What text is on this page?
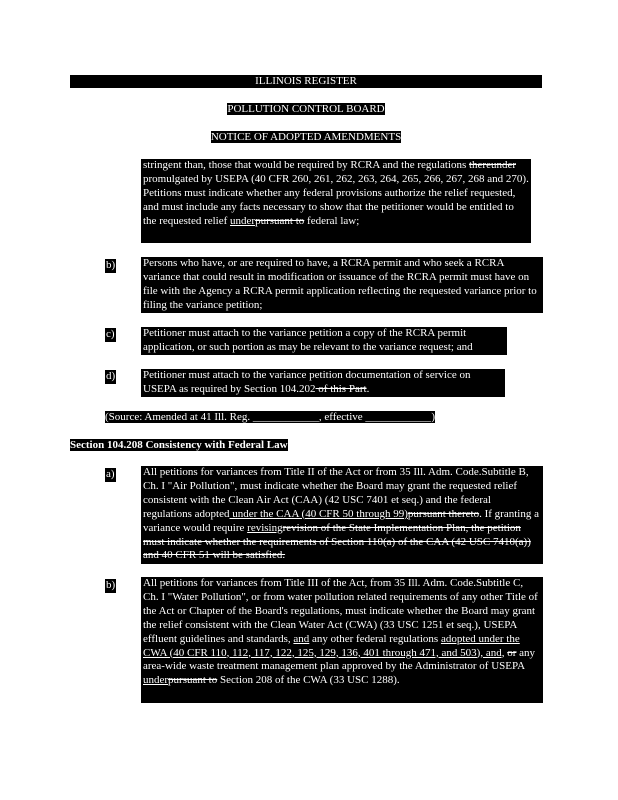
ILLINOIS REGISTER
POLLUTION CONTROL BOARD
NOTICE OF ADOPTED AMENDMENTS
stringent than, those that would be required by RCRA and the regulations thereunder promulgated by USEPA (40 CFR 260, 261, 262, 263, 264, 265, 266, 267, 268 and 270). Petitions must indicate whether any federal provisions authorize the relief requested, and must include any facts necessary to show that the petitioner would be entitled to the requested relief underpursuant to federal law;
b)	Persons who have, or are required to have, a RCRA permit and who seek a RCRA variance that could result in modification or issuance of the RCRA permit must have on file with the Agency a RCRA permit application reflecting the requested variance prior to filing the variance petition;
c)	Petitioner must attach to the variance petition a copy of the RCRA permit application, or such portion as may be relevant to the variance request; and
d)	Petitioner must attach to the variance petition documentation of service on USEPA as required by Section 104.202 of this Part.
(Source: Amended at 41 Ill. Reg. ____________, effective ____________)
Section 104.208 Consistency with Federal Law
a)	All petitions for variances from Title II of the Act or from 35 Ill. Adm. Code.Subtitle B, Ch. I "Air Pollution", must indicate whether the Board may grant the requested relief consistent with the Clean Air Act (CAA) (42 USC 7401 et seq.) and the federal regulations adopted under the CAA (40 CFR 50 through 99)pursuant thereto. If granting a variance would require revisingrevision of the State Implementation Plan, the petition must indicate whether the requirements of Section 110(a) of the CAA (42 USC 7410(a)) and 40 CFR 51 will be satisfied.
b)	All petitions for variances from Title III of the Act, from 35 Ill. Adm. Code.Subtitle C, Ch. I "Water Pollution", or from water pollution related requirements of any other Title of the Act or Chapter of the Board's regulations, must indicate whether the Board may grant the relief consistent with the Clean Water Act (CWA) (33 USC 1251 et seq.), USEPA effluent guidelines and standards, and any other federal regulations adopted under the CWA (40 CFR 110, 112, 117, 122, 125, 129, 136, 401 through 471, and 503), and, or any area-wide waste treatment management plan approved by the Administrator of USEPA underpursuant to Section 208 of the CWA (33 USC 1288).
